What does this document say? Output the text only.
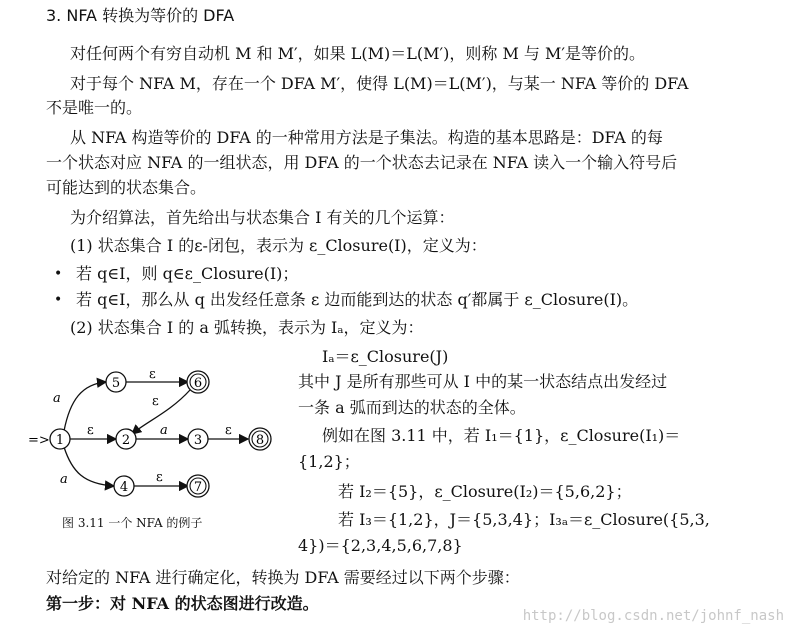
3. NFA 转换为等价的 DFA
对任何两个有穷自动机 M 和 M′，如果 L(M)＝L(M′)，则称 M 与 M′是等价的。
对于每个 NFA M，存在一个 DFA M′，使得 L(M)＝L(M′)，与某一 NFA 等价的 DFA
不是唯一的。
从 NFA 构造等价的 DFA 的一种常用方法是子集法。构造的基本思路是：DFA 的每
一个状态对应 NFA 的一组状态，用 DFA 的一个状态去记录在 NFA 读入一个输入符号后
可能达到的状态集合。
为介绍算法，首先给出与状态集合 I 有关的几个运算：
(1) 状态集合 I 的ε-闭包，表示为 ε_Closure(I)，定义为：
• 若 q∈I，则 q∈ε_Closure(I)；
• 若 q∈I，那么从 q 出发经任意条 ε 边而能到达的状态 q′都属于 ε_Closure(I)。
(2) 状态集合 I 的 a 弧转换，表示为 Iₐ，定义为：
Iₐ＝ε_Closure(J)
其中 J 是所有那些可从 I 中的某一状态结点出发经过
一条 a 弧而到达的状态的全体。
例如在图 3.11 中，若 I₁＝{1}，ε_Closure(I₁)＝
{1,2}；
若 I₂＝{5}，ε_Closure(I₂)＝{5,6,2}；
若 I₃＝{1,2}，J＝{5,3,4}；I₃ₐ＝ε_Closure({5,3,
4})＝{2,3,4,5,6,7,8}
对给定的 NFA 进行确定化，转换为 DFA 需要经过以下两个步骤：
第一步：对 NFA 的状态图进行改造。
=>
a
ε
ε
ε	a	ε
a	ε
1
5	6
2	3	8
4	7
图 3.11 一个 NFA 的例子
http://blog.csdn.net/johnf_nash
